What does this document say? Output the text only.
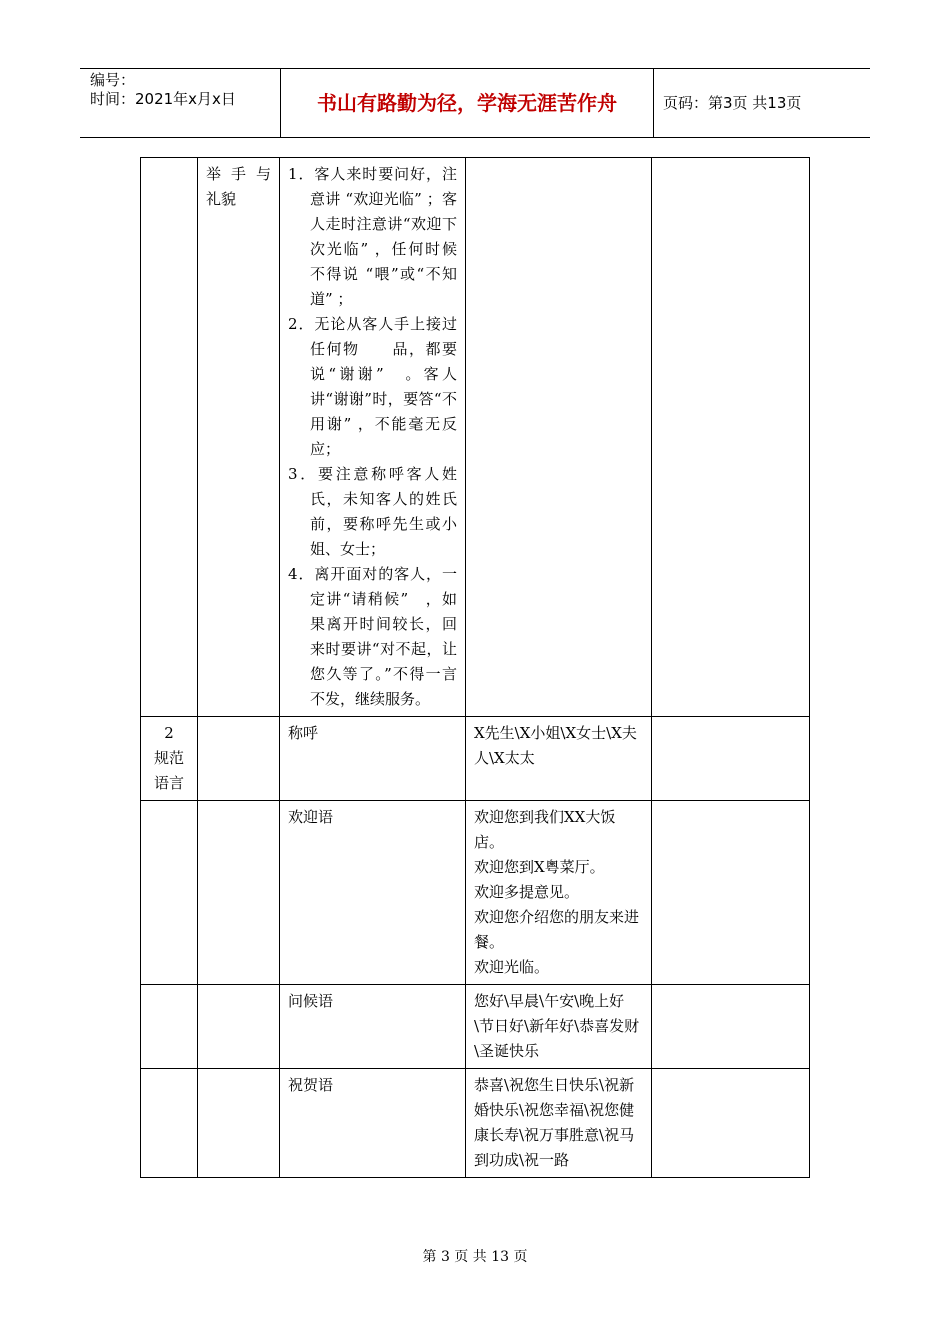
编号：
时间：2021年x月x日	书山有路勤为径，学海无涯苦作舟	页码：第3页 共13页

	举 手 与 礼貌	1．客人来时要问好，注意讲 “欢迎光临” ；客人走时注意讲“欢迎下次光临” ，任何时候不得说 “喂”或“不知道” ；
2．无论从客人手上接过任何物　　品，都要说“谢谢”　。客人讲“谢谢”时，要答“不用谢” ，不能毫无反应；
3．要注意称呼客人姓氏，未知客人的姓氏前，要称呼先生或小姐、女士；
4．离开面对的客人，一定讲“请稍候”　，如果离开时间较长，回来时要讲“对不起，让您久等了。”不得一言不发，继续服务。		

2
规范语言		称呼	X先生\X小姐\X女士\X夫人\X太太	

		欢迎语	欢迎您到我们XX大饭店。
欢迎您到X粤菜厅。
欢迎多提意见。
欢迎您介绍您的朋友来进餐。
欢迎光临。	

		问候语	您好\早晨\午安\晚上好\节日好\新年好\恭喜发财\圣诞快乐	

		祝贺语	恭喜\祝您生日快乐\祝新婚快乐\祝您幸福\祝您健康长寿\祝万事胜意\祝马到功成\祝一路	

第 3 页 共 13 页
